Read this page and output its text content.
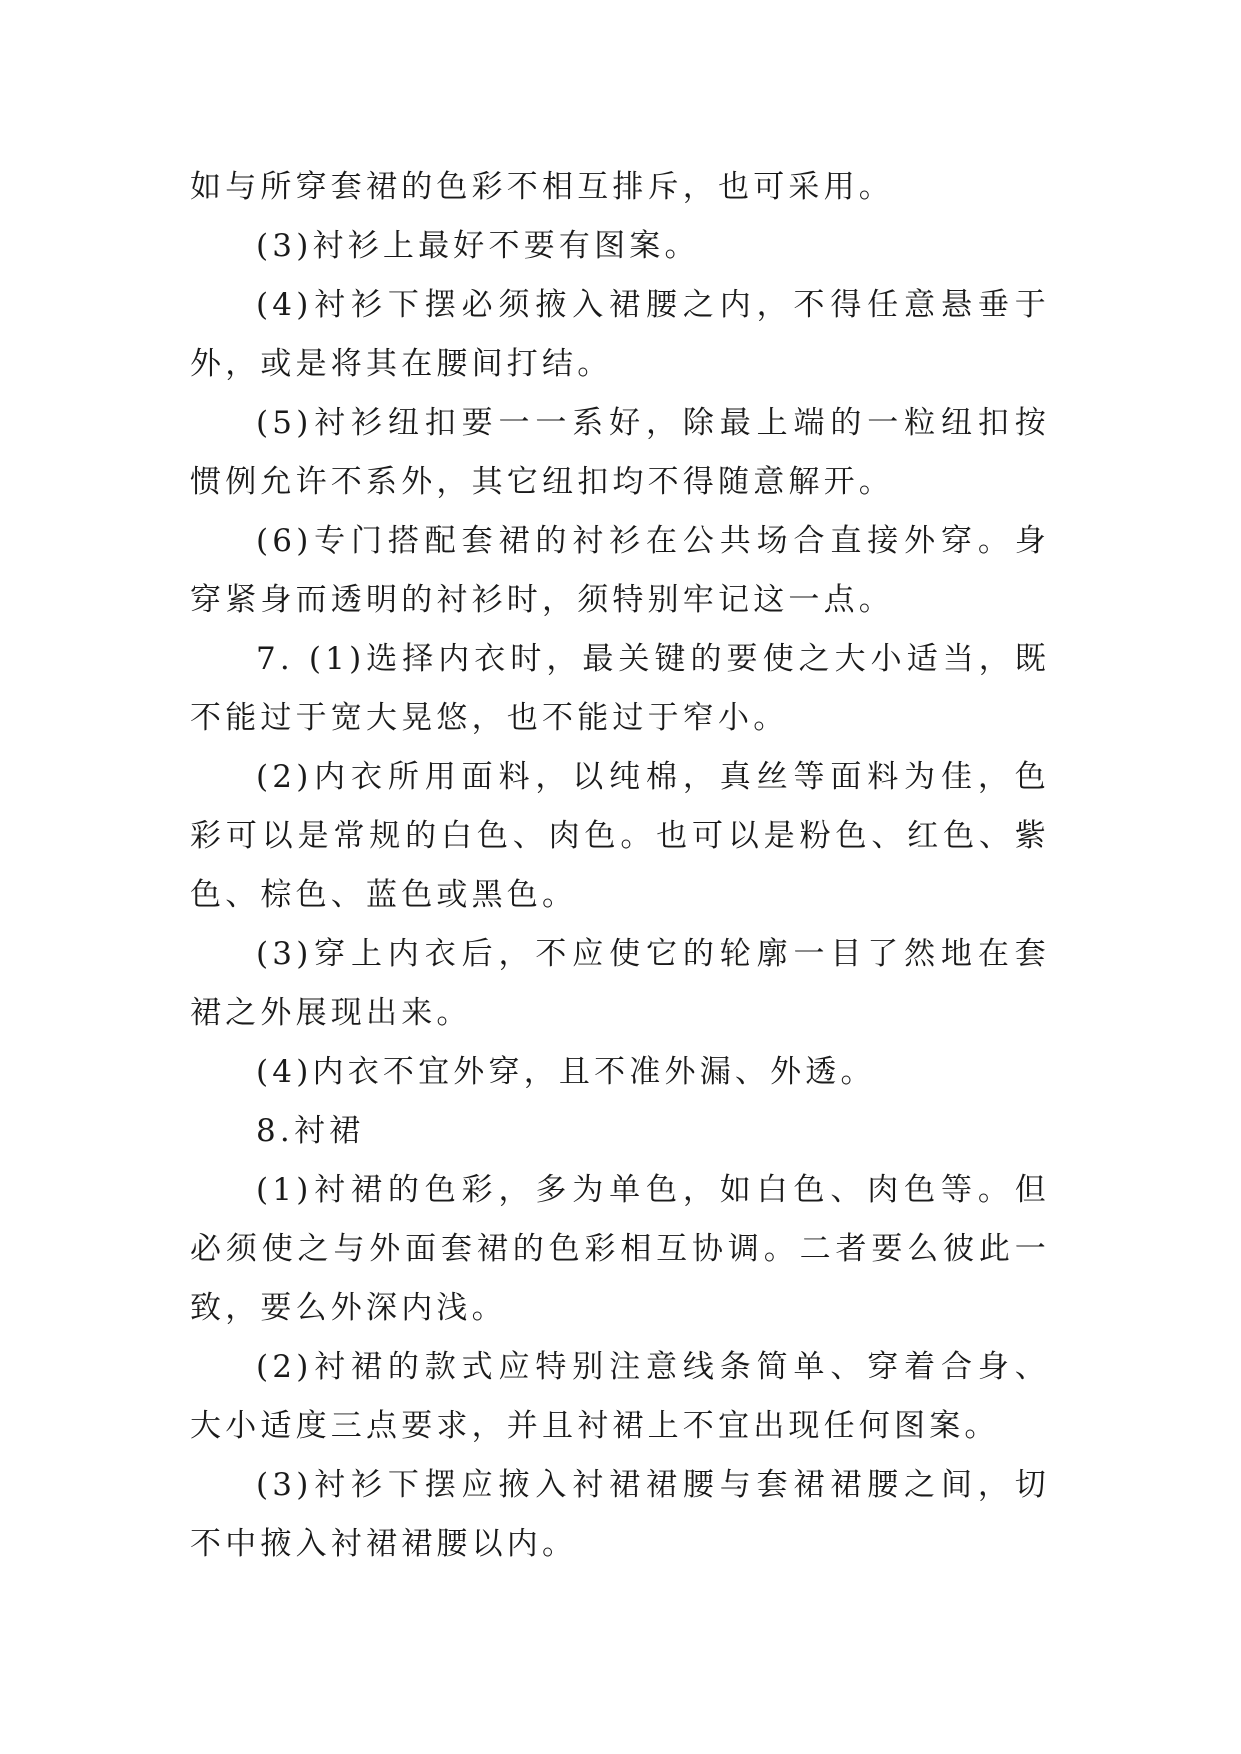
如与所穿套裙的色彩不相互排斥，也可采用。

(3)衬衫上最好不要有图案。

(4)衬衫下摆必须掖入裙腰之内，不得任意悬垂于外，或是将其在腰间打结。

(5)衬衫纽扣要一一系好，除最上端的一粒纽扣按惯例允许不系外，其它纽扣均不得随意解开。

(6)专门搭配套裙的衬衫在公共场合直接外穿。身穿紧身而透明的衬衫时，须特别牢记这一点。

7. (1)选择内衣时，最关键的要使之大小适当，既不能过于宽大晃悠，也不能过于窄小。

(2)内衣所用面料，以纯棉，真丝等面料为佳，色彩可以是常规的白色、肉色。也可以是粉色、红色、紫色、棕色、蓝色或黑色。

(3)穿上内衣后，不应使它的轮廓一目了然地在套裙之外展现出来。

(4)内衣不宜外穿，且不准外漏、外透。

8.衬裙

(1)衬裙的色彩，多为单色，如白色、肉色等。但必须使之与外面套裙的色彩相互协调。二者要么彼此一致，要么外深内浅。

(2)衬裙的款式应特别注意线条简单、穿着合身、大小适度三点要求，并且衬裙上不宜出现任何图案。

(3)衬衫下摆应掖入衬裙裙腰与套裙裙腰之间，切不中掖入衬裙裙腰以内。
